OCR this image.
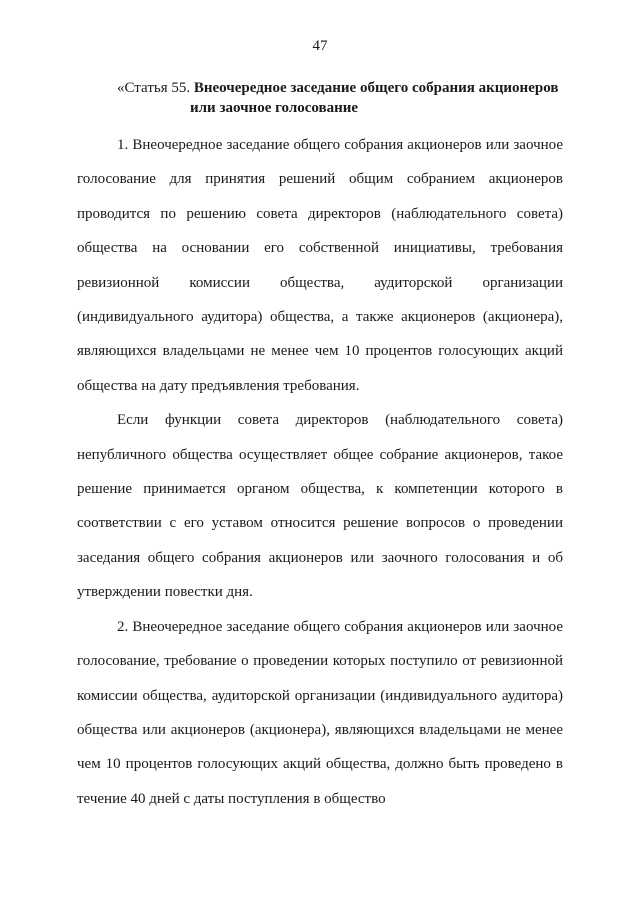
47
«Статья 55. Внеочередное заседание общего собрания акционеров
или заочное голосование

1. Внеочередное заседание общего собрания акционеров или заочное голосование для принятия решений общим собранием акционеров проводится по решению совета директоров (наблюдательного совета) общества на основании его собственной инициативы, требования ревизионной комиссии общества, аудиторской организации (индивидуального аудитора) общества, а также акционеров (акционера), являющихся владельцами не менее чем 10 процентов голосующих акций общества на дату предъявления требования.

Если функции совета директоров (наблюдательного совета) непубличного общества осуществляет общее собрание акционеров, такое решение принимается органом общества, к компетенции которого в соответствии с его уставом относится решение вопросов о проведении заседания общего собрания акционеров или заочного голосования и об утверждении повестки дня.

2. Внеочередное заседание общего собрания акционеров или заочное голосование, требование о проведении которых поступило от ревизионной комиссии общества, аудиторской организации (индивидуального аудитора) общества или акционеров (акционера), являющихся владельцами не менее чем 10 процентов голосующих акций общества, должно быть проведено в течение 40 дней с даты поступления в общество
